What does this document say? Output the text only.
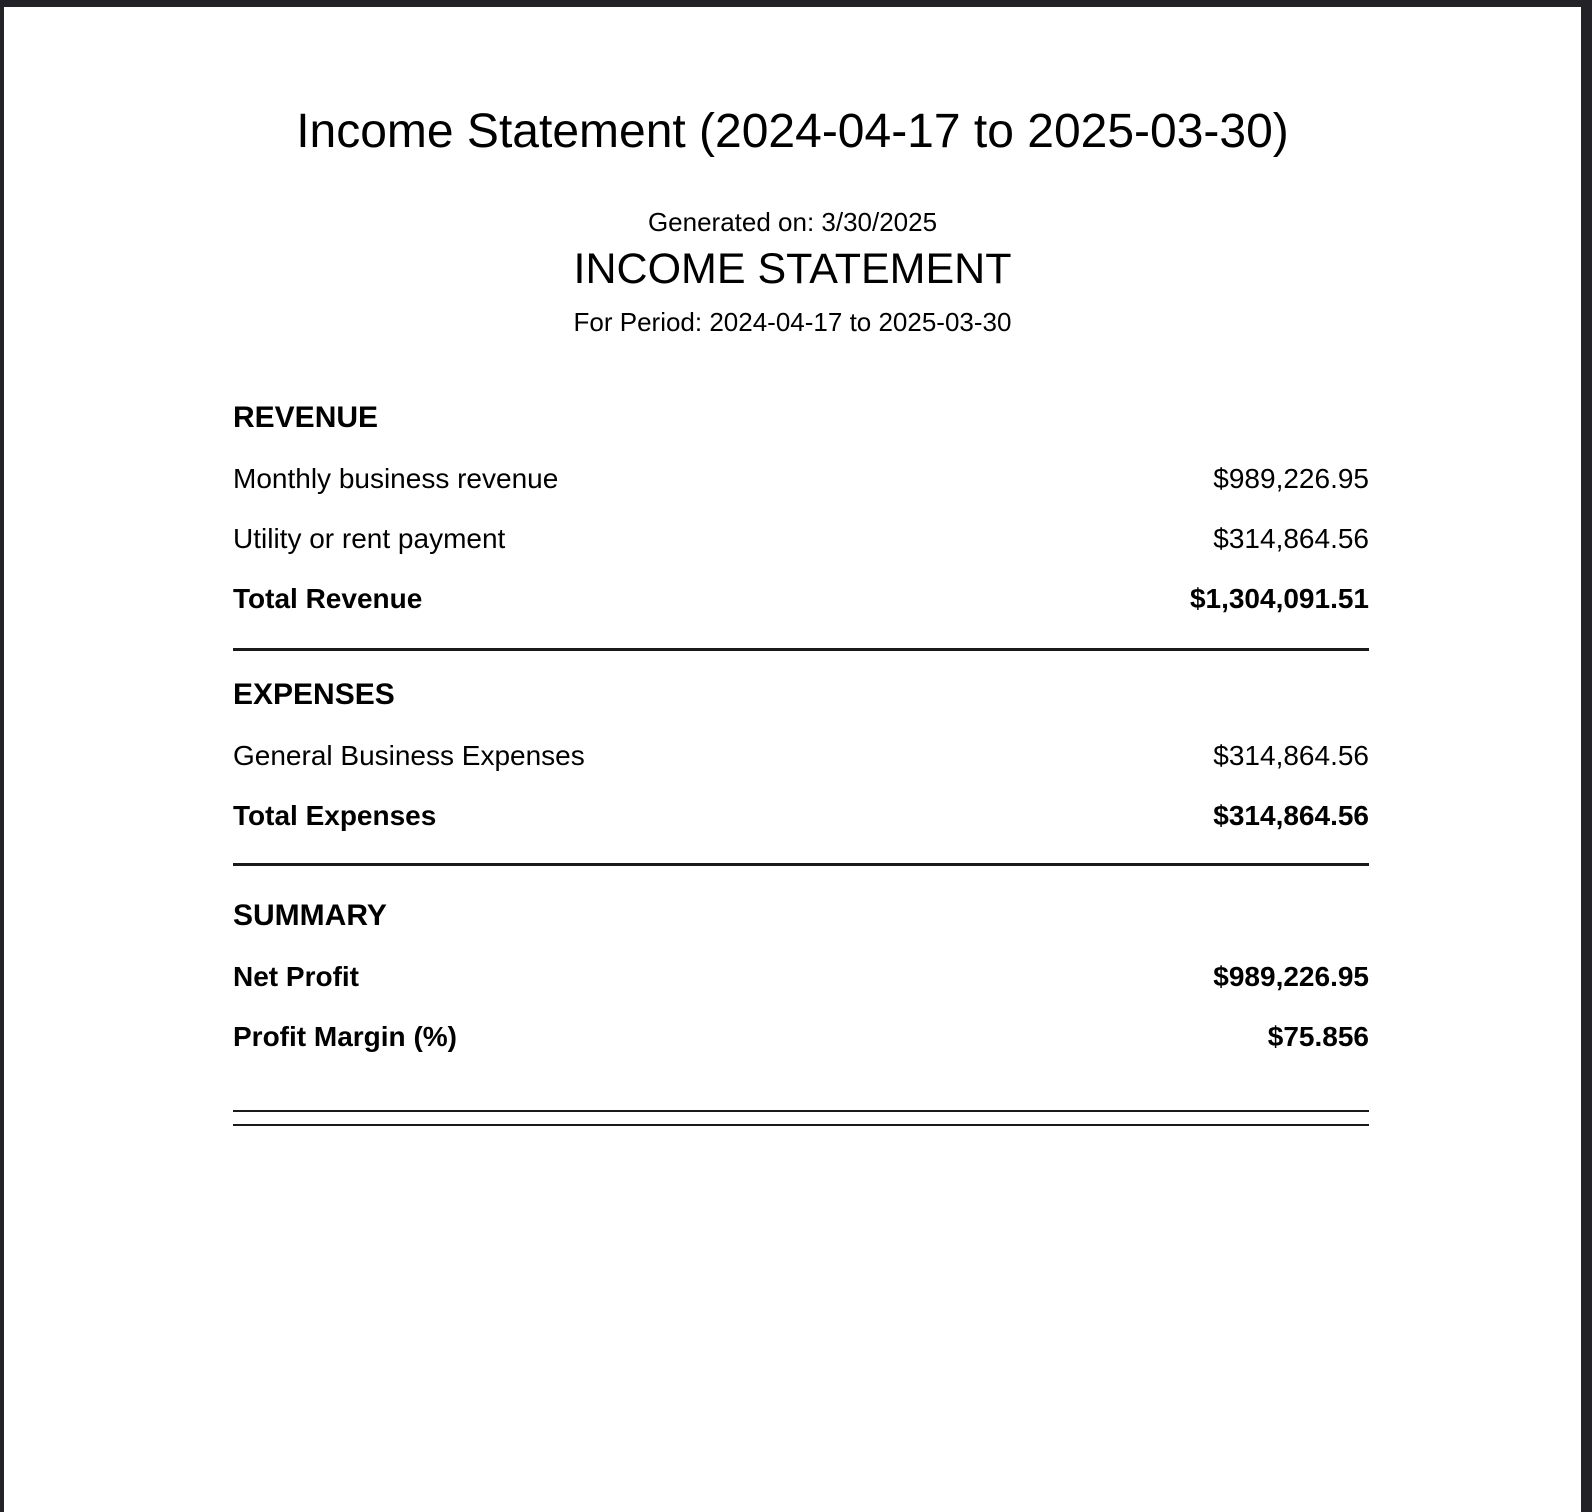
Income Statement (2024-04-17 to 2025-03-30)

Generated on: 3/30/2025

INCOME STATEMENT

For Period: 2024-04-17 to 2025-03-30

REVENUE
Monthly business revenue	$989,226.95
Utility or rent payment	$314,864.56
Total Revenue	$1,304,091.51
EXPENSES
General Business Expenses	$314,864.56
Total Expenses	$314,864.56
SUMMARY
Net Profit	$989,226.95
Profit Margin (%)	$75.856
